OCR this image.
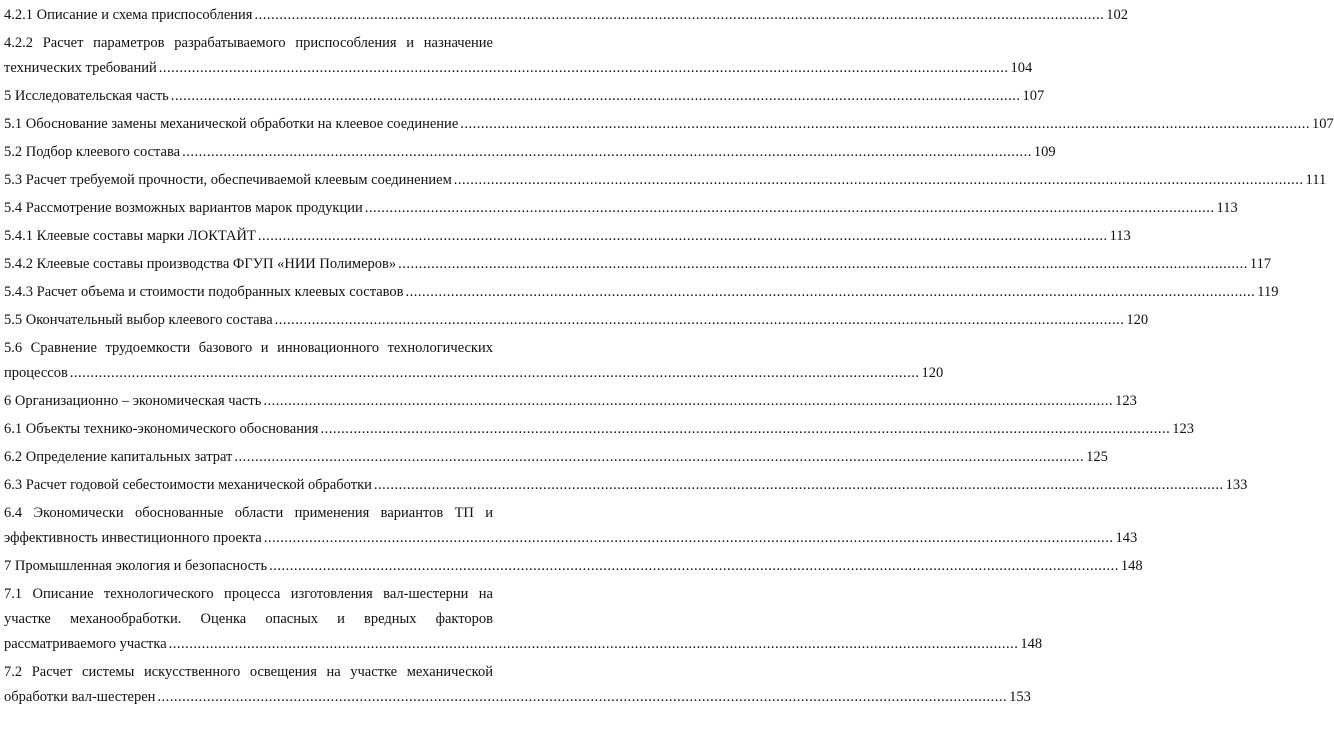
4.2.1 Описание и схема приспособления .....	102
4.2.2 Расчет параметров разрабатываемого приспособления и назначение
технических требований .....	104
5 Исследовательская часть .....	107
5.1 Обоснование замены механической обработки на клеевое соединение .....	107
5.2 Подбор клеевого состава .....	109
5.3 Расчет требуемой прочности, обеспечиваемой клеевым соединением .....	111
5.4 Рассмотрение возможных вариантов марок продукции .....	113
5.4.1 Клеевые составы марки ЛОКТАЙТ .....	113
5.4.2 Клеевые составы производства ФГУП «НИИ Полимеров» .....	117
5.4.3 Расчет объема и стоимости подобранных клеевых составов .....	119
5.5 Окончательный выбор клеевого состава .....	120
5.6 Сравнение трудоемкости базового и инновационного технологических
процессов .....	120
6 Организационно – экономическая часть .....	123
6.1 Объекты технико-экономического обоснования .....	123
6.2 Определение капитальных затрат .....	125
6.3 Расчет годовой себестоимости механической обработки .....	133
6.4 Экономически обоснованные области применения вариантов ТП и
эффективность инвестиционного проекта .....	143
7 Промышленная экология и безопасность .....	148
7.1 Описание технологического процесса изготовления вал-шестерни на
участке механообработки. Оценка опасных и вредных факторов
рассматриваемого участка .....	148
7.2 Расчет системы искусственного освещения на участке механической
обработки вал-шестерен .....	153
